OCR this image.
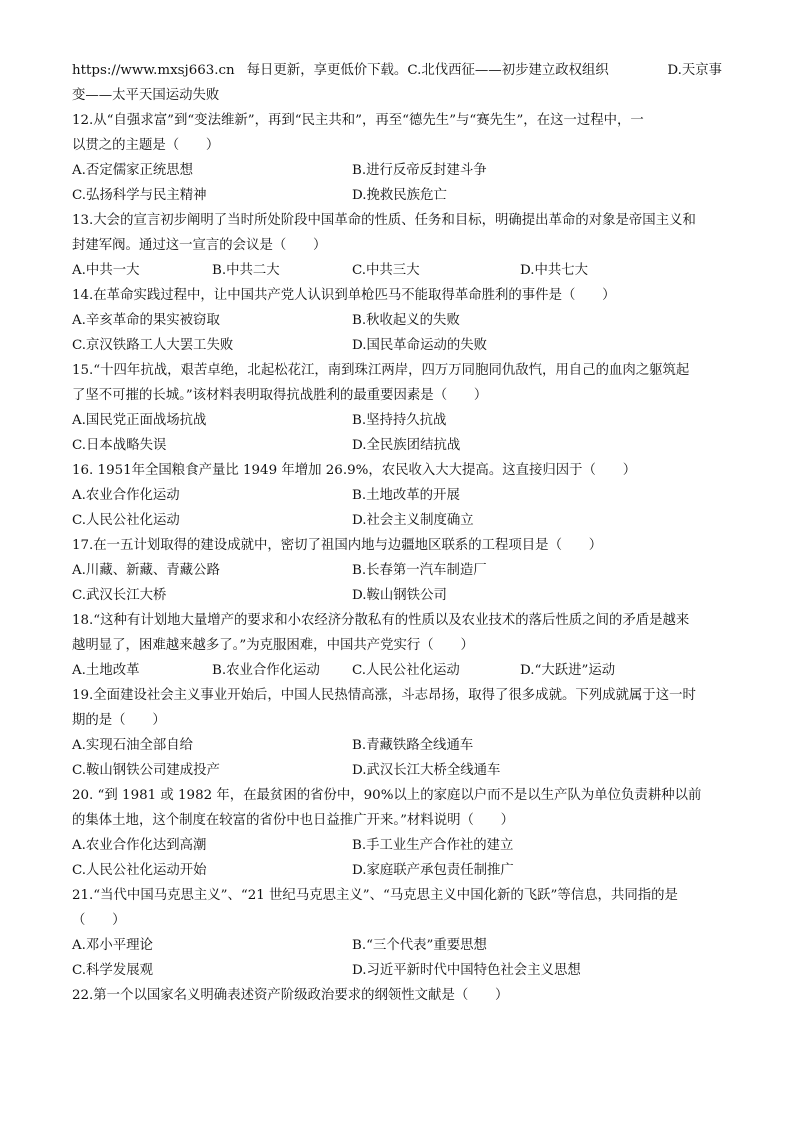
https://www.mxsj663.cn 每日更新，享更低价下载。C.北伐西征——初步建立政权组织	D.天京事
变——太平天国运动失败
12.从“自强求富”到“变法维新”，再到“民主共和”，再至“德先生”与“赛先生”，在这一过程中，一
以贯之的主题是（　　）
A.否定儒家正统思想	B.进行反帝反封建斗争
C.弘扬科学与民主精神	D.挽救民族危亡
13.大会的宣言初步阐明了当时所处阶段中国革命的性质、任务和目标，明确提出革命的对象是帝国主义和
封建军阀。通过这一宣言的会议是（　　）
A.中共一大	B.中共二大	C.中共三大	D.中共七大
14.在革命实践过程中，让中国共产党人认识到单枪匹马不能取得革命胜利的事件是（　　）
A.辛亥革命的果实被窃取	B.秋收起义的失败
C.京汉铁路工人大罢工失败	D.国民革命运动的失败
15.“十四年抗战，艰苦卓绝，北起松花江，南到珠江两岸，四万万同胞同仇敌忾，用自己的血肉之躯筑起
了坚不可摧的长城。”该材料表明取得抗战胜利的最重要因素是（　　）
A.国民党正面战场抗战	B.坚持持久抗战
C.日本战略失误	D.全民族团结抗战
16. 1951年全国粮食产量比 1949 年增加 26.9%，农民收入大大提高。这直接归因于（　　）
A.农业合作化运动	B.土地改革的开展
C.人民公社化运动	D.社会主义制度确立
17.在一五计划取得的建设成就中，密切了祖国内地与边疆地区联系的工程项目是（　　）
A.川藏、新藏、青藏公路	B.长春第一汽车制造厂
C.武汉长江大桥	D.鞍山钢铁公司
18.“这种有计划地大量增产的要求和小农经济分散私有的性质以及农业技术的落后性质之间的矛盾是越来
越明显了，困难越来越多了。”为克服困难，中国共产党实行（　　）
A.土地改革	B.农业合作化运动	C.人民公社化运动	D.“大跃进”运动
19.全面建设社会主义事业开始后，中国人民热情高涨，斗志昂扬，取得了很多成就。下列成就属于这一时
期的是（　　）
A.实现石油全部自给	B.青藏铁路全线通车
C.鞍山钢铁公司建成投产	D.武汉长江大桥全线通车
20. “到 1981 或 1982 年，在最贫困的省份中，90%以上的家庭以户而不是以生产队为单位负责耕种以前
的集体土地，这个制度在较富的省份中也日益推广开来。”材料说明（　　）
A.农业合作化达到高潮	B.手工业生产合作社的建立
C.人民公社化运动开始	D.家庭联产承包责任制推广
21.“当代中国马克思主义”、“21 世纪马克思主义”、“马克思主义中国化新的飞跃”等信息，共同指的是
（　　）
A.邓小平理论	B.“三个代表”重要思想
C.科学发展观	D.习近平新时代中国特色社会主义思想
22.第一个以国家名义明确表述资产阶级政治要求的纲领性文献是（　　）
